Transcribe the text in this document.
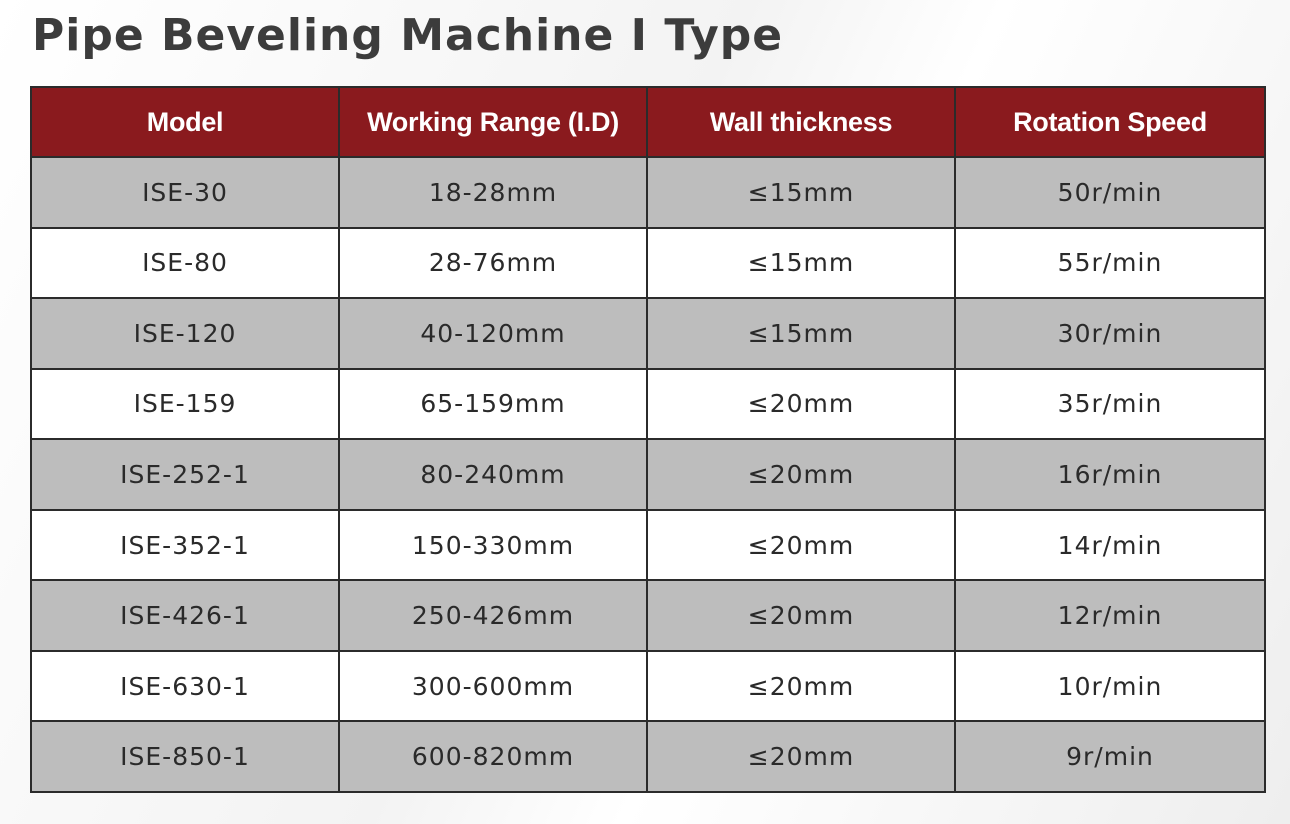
Pipe Beveling Machine I Type
Model	Working Range (I.D)	Wall thickness	Rotation Speed
ISE-30	18-28mm	≤15mm	50r/min
ISE-80	28-76mm	≤15mm	55r/min
ISE-120	40-120mm	≤15mm	30r/min
ISE-159	65-159mm	≤20mm	35r/min
ISE-252-1	80-240mm	≤20mm	16r/min
ISE-352-1	150-330mm	≤20mm	14r/min
ISE-426-1	250-426mm	≤20mm	12r/min
ISE-630-1	300-600mm	≤20mm	10r/min
ISE-850-1	600-820mm	≤20mm	9r/min
